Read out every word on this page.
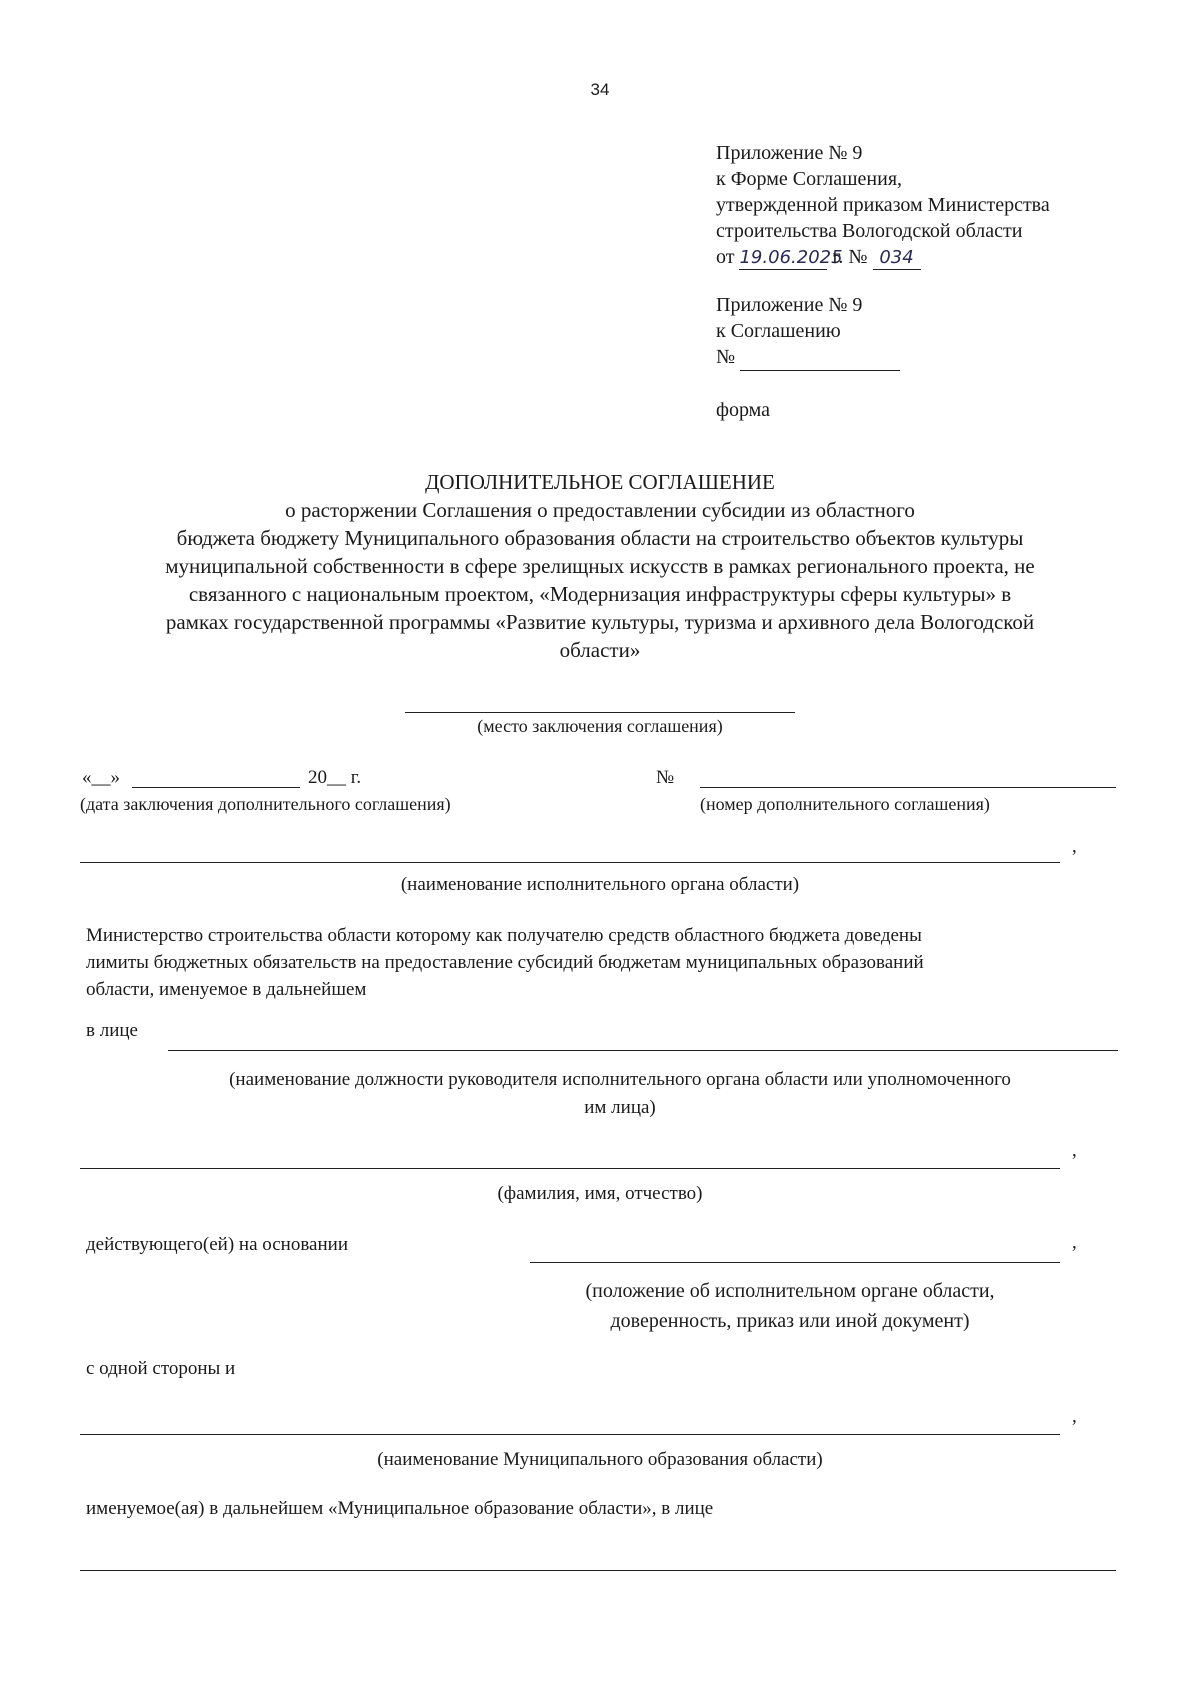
34
Приложение № 9
к Форме Соглашения,
утвержденной приказом Министерства
строительства Вологодской области
от 19.06.2025 г. № 034
Приложение № 9
к Соглашению
№
форма
ДОПОЛНИТЕЛЬНОЕ СОГЛАШЕНИЕ
о расторжении Соглашения о предоставлении субсидии из областного
бюджета бюджету Муниципального образования области на строительство объектов культуры
муниципальной собственности в сфере зрелищных искусств в рамках регионального проекта, не
связанного с национальным проектом, «Модернизация инфраструктуры сферы культуры» в
рамках государственной программы «Развитие культуры, туризма и архивного дела Вологодской
области»
(место заключения соглашения)
«__»	20__ г.
(дата заключения дополнительного соглашения)
№
(номер дополнительного соглашения)
,
(наименование исполнительного органа области)
Министерство строительства области которому как получателю средств областного бюджета доведены
лимиты бюджетных обязательств на предоставление субсидий бюджетам муниципальных образований
области, именуемое в дальнейшем
в лице
(наименование должности руководителя исполнительного органа области или уполномоченного
им лица)
,
(фамилия, имя, отчество)
действующего(ей) на основании	,
(положение об исполнительном органе области,
доверенность, приказ или иной документ)
с одной стороны и
,
(наименование Муниципального образования области)
именуемое(ая) в дальнейшем «Муниципальное образование области», в лице
